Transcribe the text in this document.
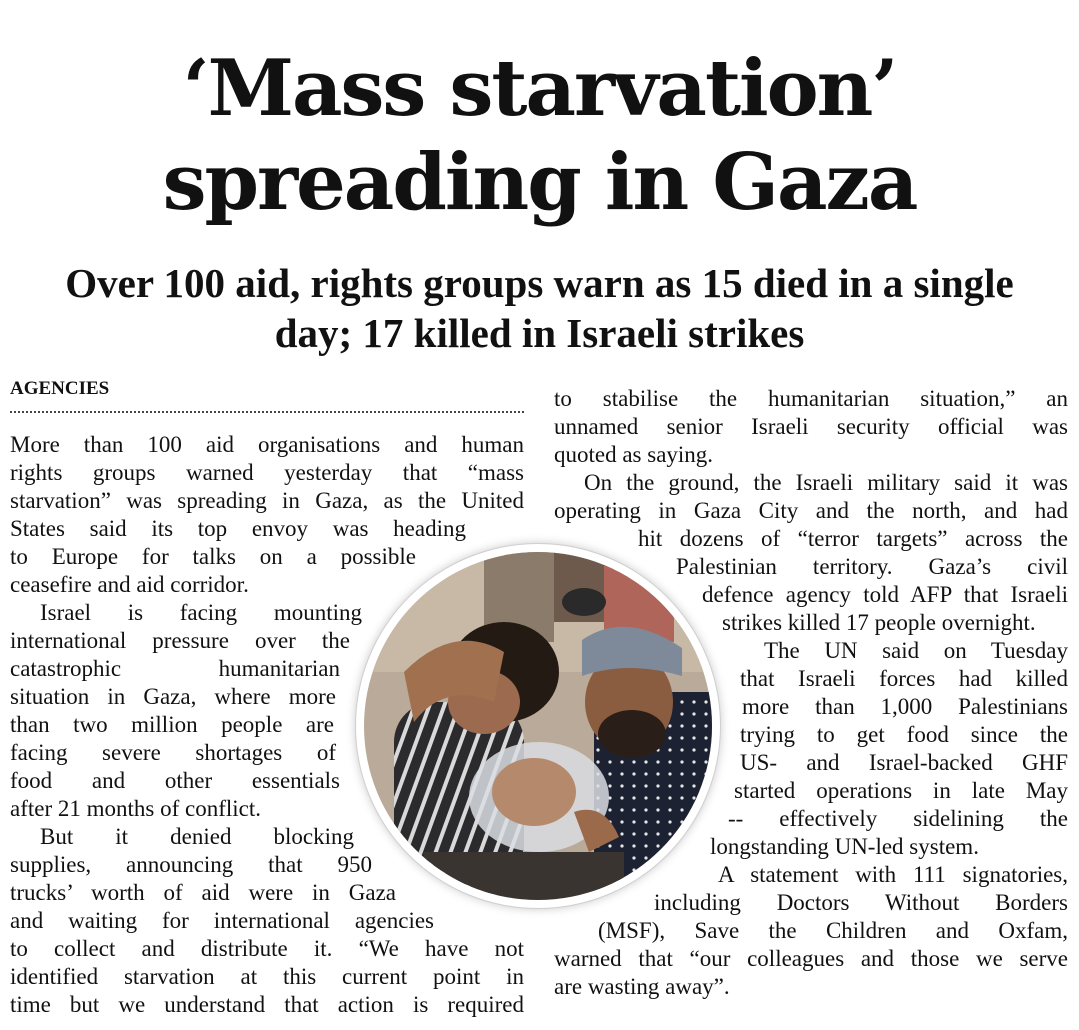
‘Mass starvation’
spreading in Gaza
Over 100 aid, rights groups warn as 15 died in a single
day; 17 killed in Israeli strikes
AGENCIES
More than 100 aid organisations and human
rights groups warned yesterday that “mass
starvation” was spreading in Gaza, as the United
States said its top envoy was heading
to Europe for talks on a possible
ceasefire and aid corridor.
Israel is facing mounting
international pressure over the
catastrophic humanitarian
situation in Gaza, where more
than two million people are
facing severe shortages of
food and other essentials
after 21 months of conflict.
But it denied blocking
supplies, announcing that 950
trucks’ worth of aid were in Gaza
and waiting for international agencies
to collect and distribute it. “We have not
identified starvation at this current point in
time but we understand that action is required
to stabilise the humanitarian situation,” an
unnamed senior Israeli security official was
quoted as saying.
On the ground, the Israeli military said it was
operating in Gaza City and the north, and had
hit dozens of “terror targets” across the
Palestinian territory. Gaza’s civil
defence agency told AFP that Israeli
strikes killed 17 people overnight.
The UN said on Tuesday
that Israeli forces had killed
more than 1,000 Palestinians
trying to get food since the
US- and Israel-backed GHF
started operations in late May
-- effectively sidelining the
longstanding UN-led system.
A statement with 111 signatories,
including Doctors Without Borders
(MSF), Save the Children and Oxfam,
warned that “our colleagues and those we serve
are wasting away”.
